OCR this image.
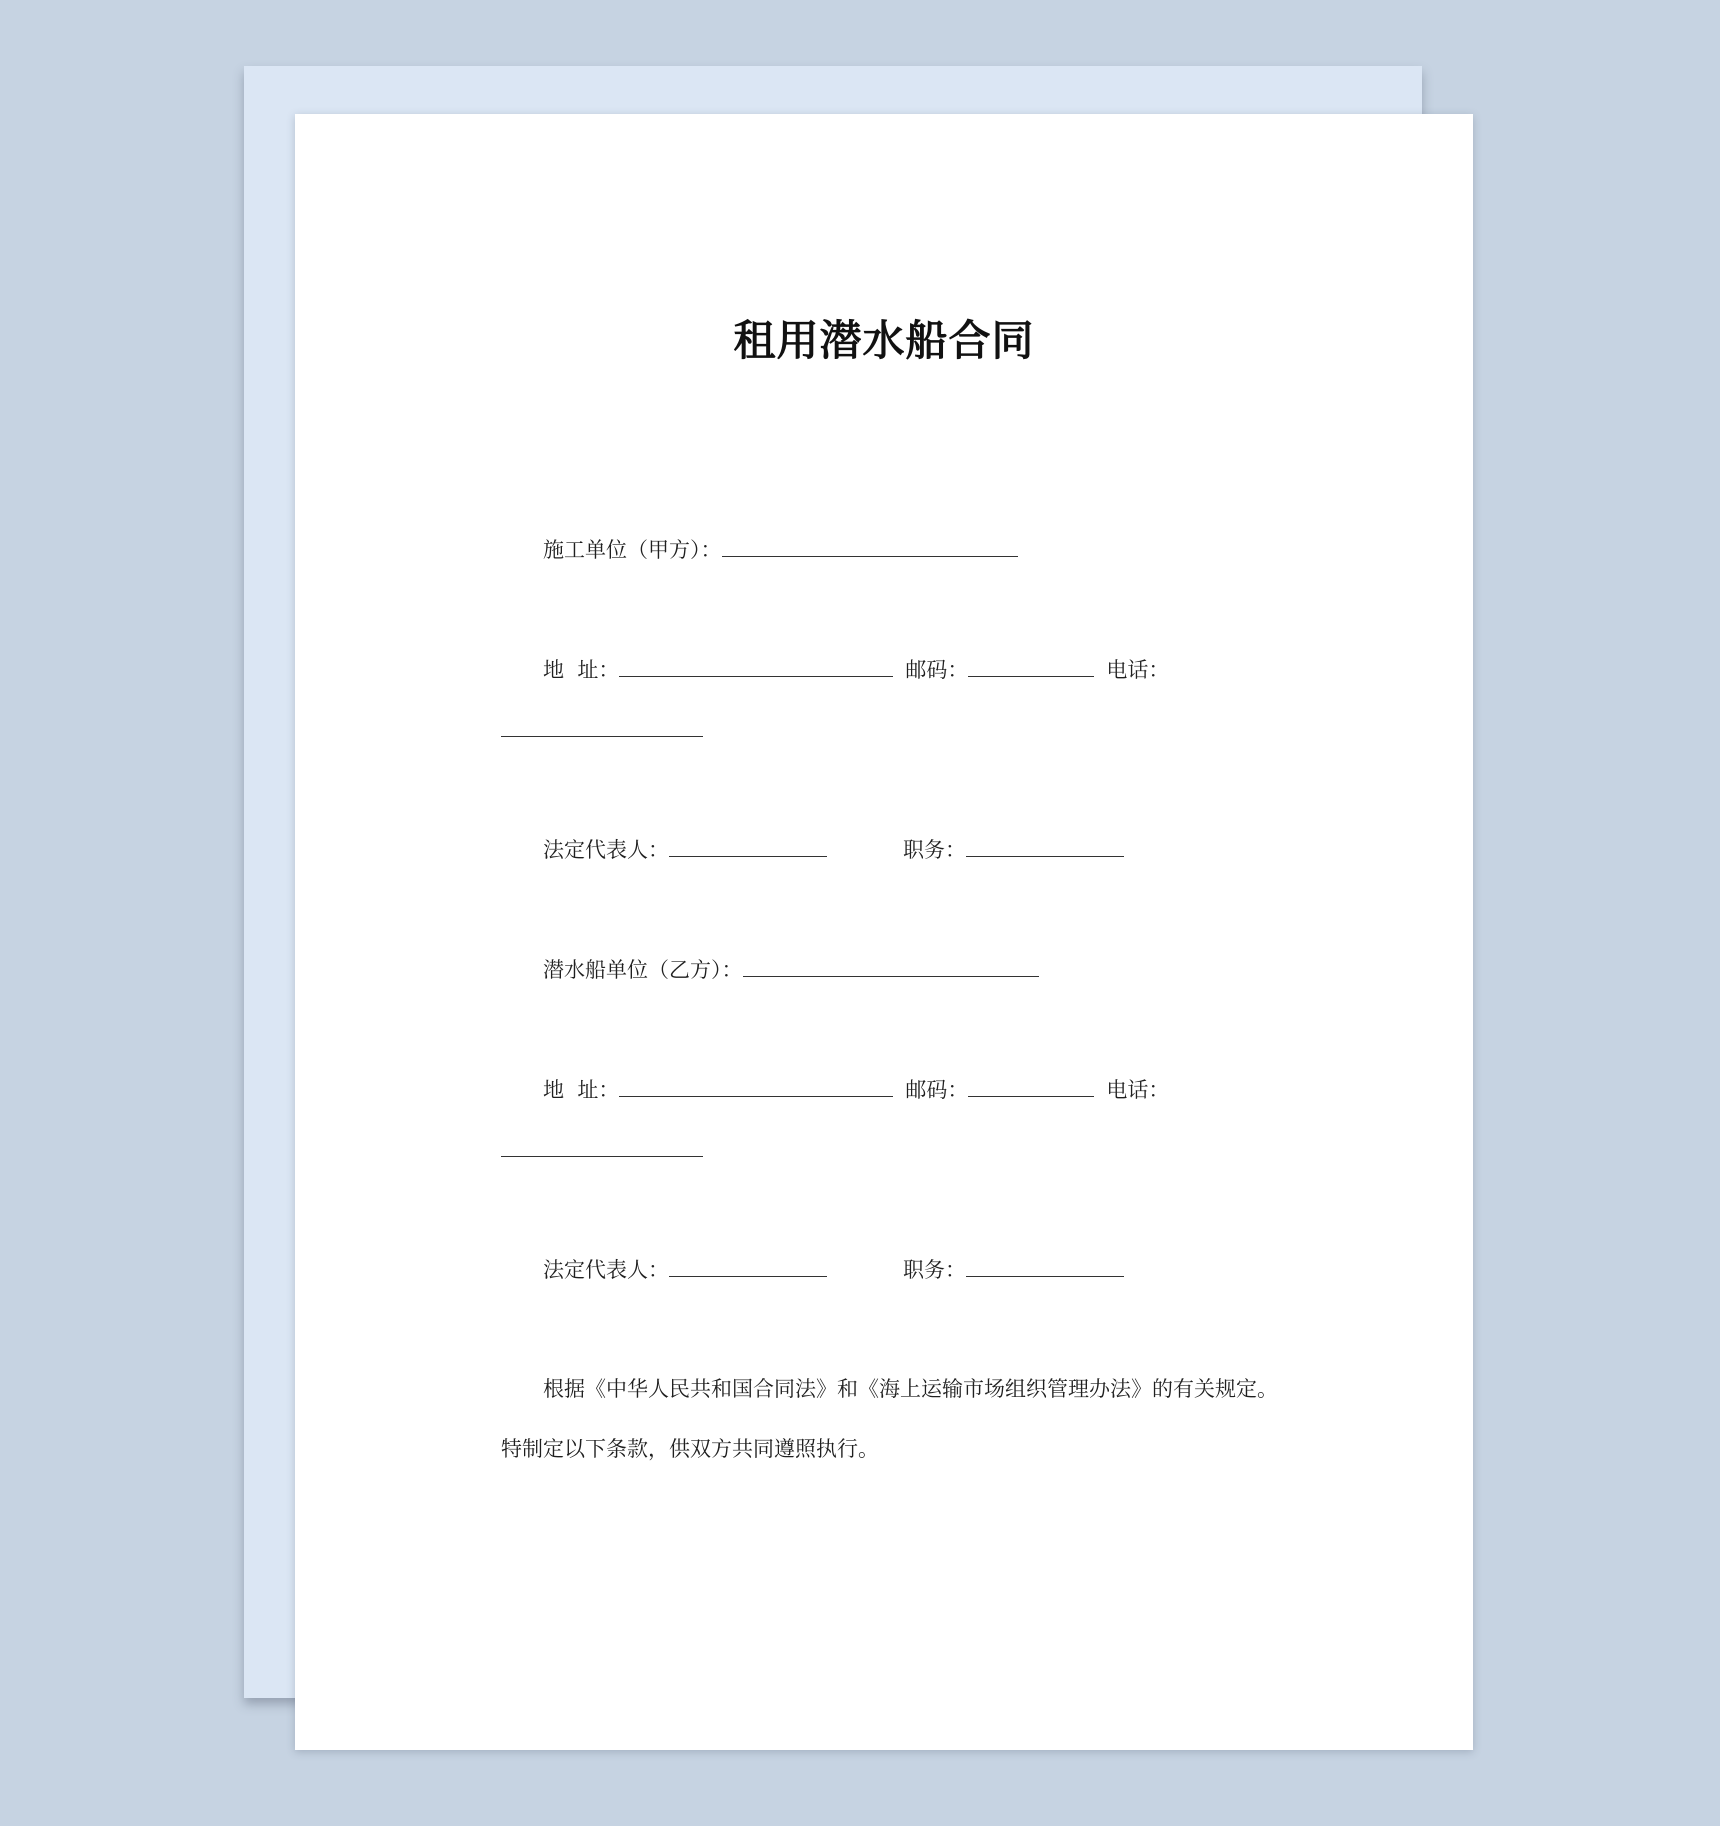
租用潜水船合同
施工单位（甲方）：
地  址：	邮码：	电话：
法定代表人：	职务：
潜水船单位（乙方）：
地  址：	邮码：	电话：
法定代表人：	职务：
根据《中华人民共和国合同法》和《海上运输市场组织管理办法》的有关规定。
特制定以下条款，供双方共同遵照执行。
